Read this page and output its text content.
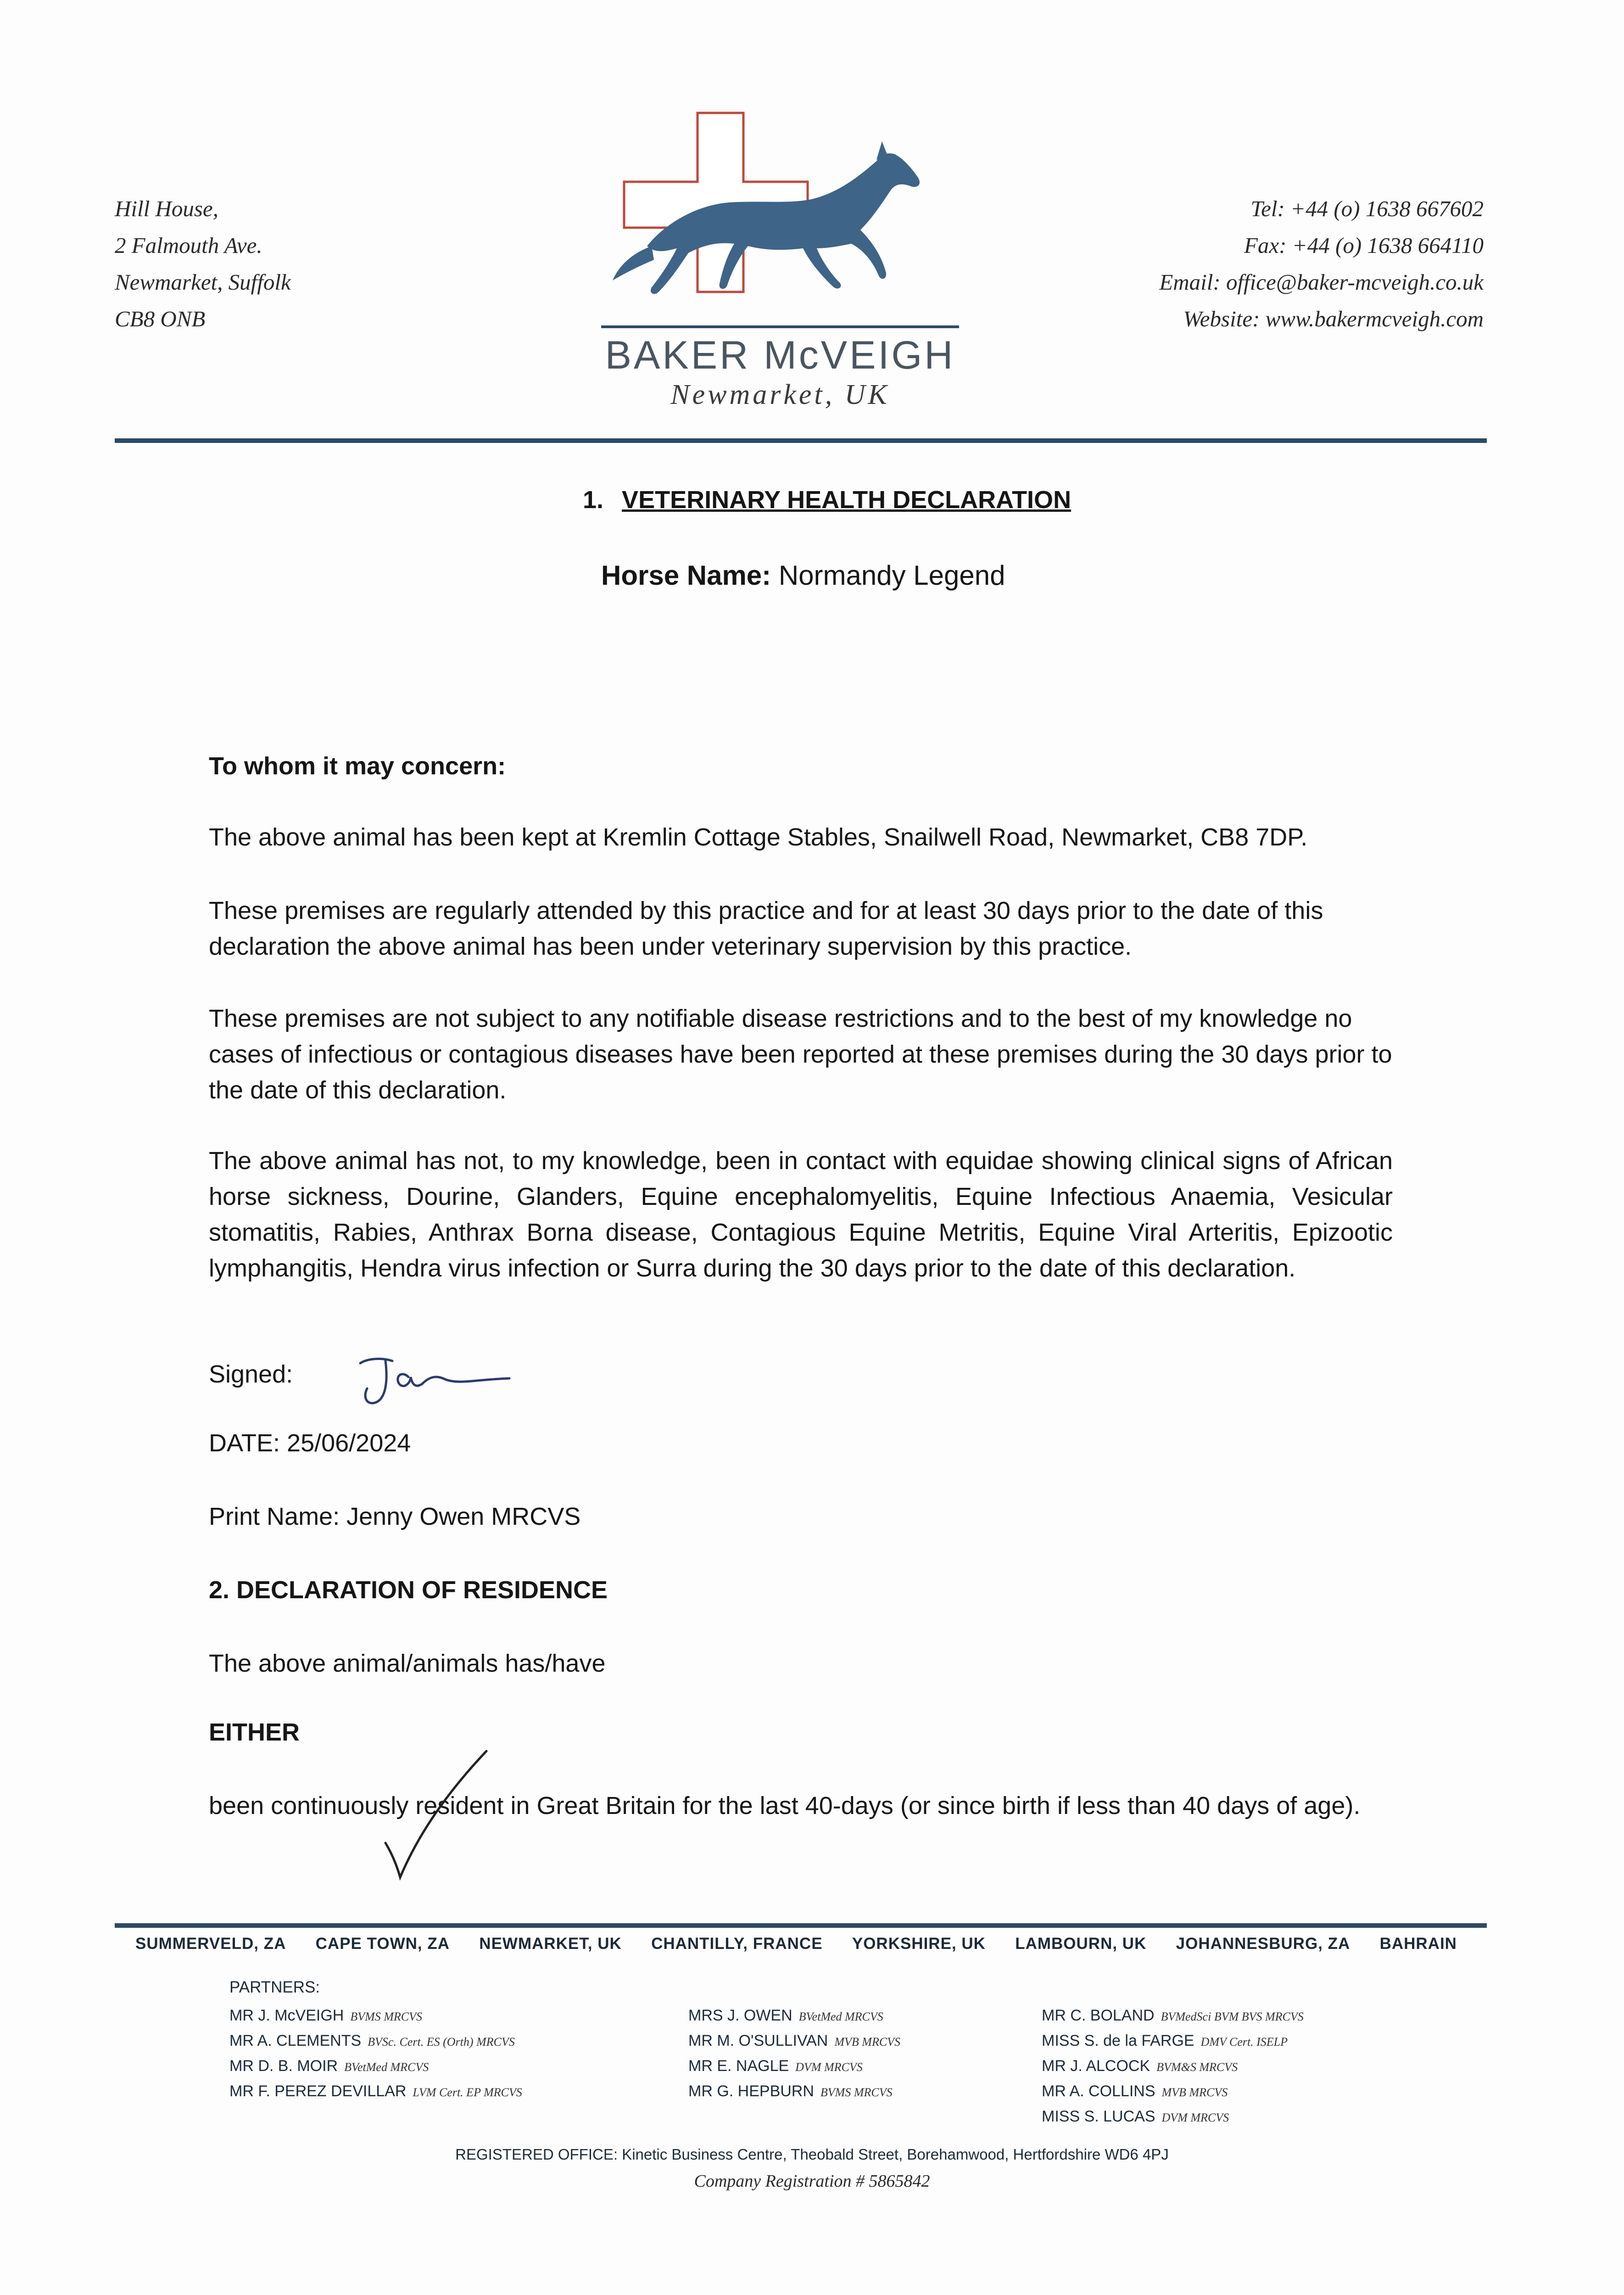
Hill House,
2 Falmouth Ave.
Newmarket, Suffolk
CB8 ONB
BAKER McVEIGH
Newmarket, UK
Tel: +44 (o) 1638 667602
Fax: +44 (o) 1638 664110
Email: office@baker-mcveigh.co.uk
Website: www.bakermcveigh.com
1. VETERINARY HEALTH DECLARATION
Horse Name: Normandy Legend
To whom it may concern:
The above animal has been kept at Kremlin Cottage Stables, Snailwell Road, Newmarket, CB8 7DP.
These premises are regularly attended by this practice and for at least 30 days prior to the date of this declaration the above animal has been under veterinary supervision by this practice.
These premises are not subject to any notifiable disease restrictions and to the best of my knowledge no cases of infectious or contagious diseases have been reported at these premises during the 30 days prior to the date of this declaration.
The above animal has not, to my knowledge, been in contact with equidae showing clinical signs of African horse sickness, Dourine, Glanders, Equine encephalomyelitis, Equine Infectious Anaemia, Vesicular stomatitis, Rabies, Anthrax Borna disease, Contagious Equine Metritis, Equine Viral Arteritis, Epizootic lymphangitis, Hendra virus infection or Surra during the 30 days prior to the date of this declaration.
Signed:
DATE: 25/06/2024
Print Name: Jenny Owen MRCVS
2. DECLARATION OF RESIDENCE
The above animal/animals has/have
EITHER
been continuously resident in Great Britain for the last 40-days (or since birth if less than 40 days of age).
SUMMERVELD, ZA CAPE TOWN, ZA NEWMARKET, UK CHANTILLY, FRANCE YORKSHIRE, UK LAMBOURN, UK JOHANNESBURG, ZA BAHRAIN
PARTNERS:
MR J. McVEIGH BVMS MRCVS
MR A. CLEMENTS BVSc. Cert. ES (Orth) MRCVS
MR D. B. MOIR BVetMed MRCVS
MR F. PEREZ DEVILLAR LVM Cert. EP MRCVS
MRS J. OWEN BVetMed MRCVS
MR M. O'SULLIVAN MVB MRCVS
MR E. NAGLE DVM MRCVS
MR G. HEPBURN BVMS MRCVS
MR C. BOLAND BVMedSci BVM BVS MRCVS
MISS S. de la FARGE DMV Cert. ISELP
MR J. ALCOCK BVM&S MRCVS
MR A. COLLINS MVB MRCVS
MISS S. LUCAS DVM MRCVS
REGISTERED OFFICE: Kinetic Business Centre, Theobald Street, Borehamwood, Hertfordshire WD6 4PJ
Company Registration # 5865842
